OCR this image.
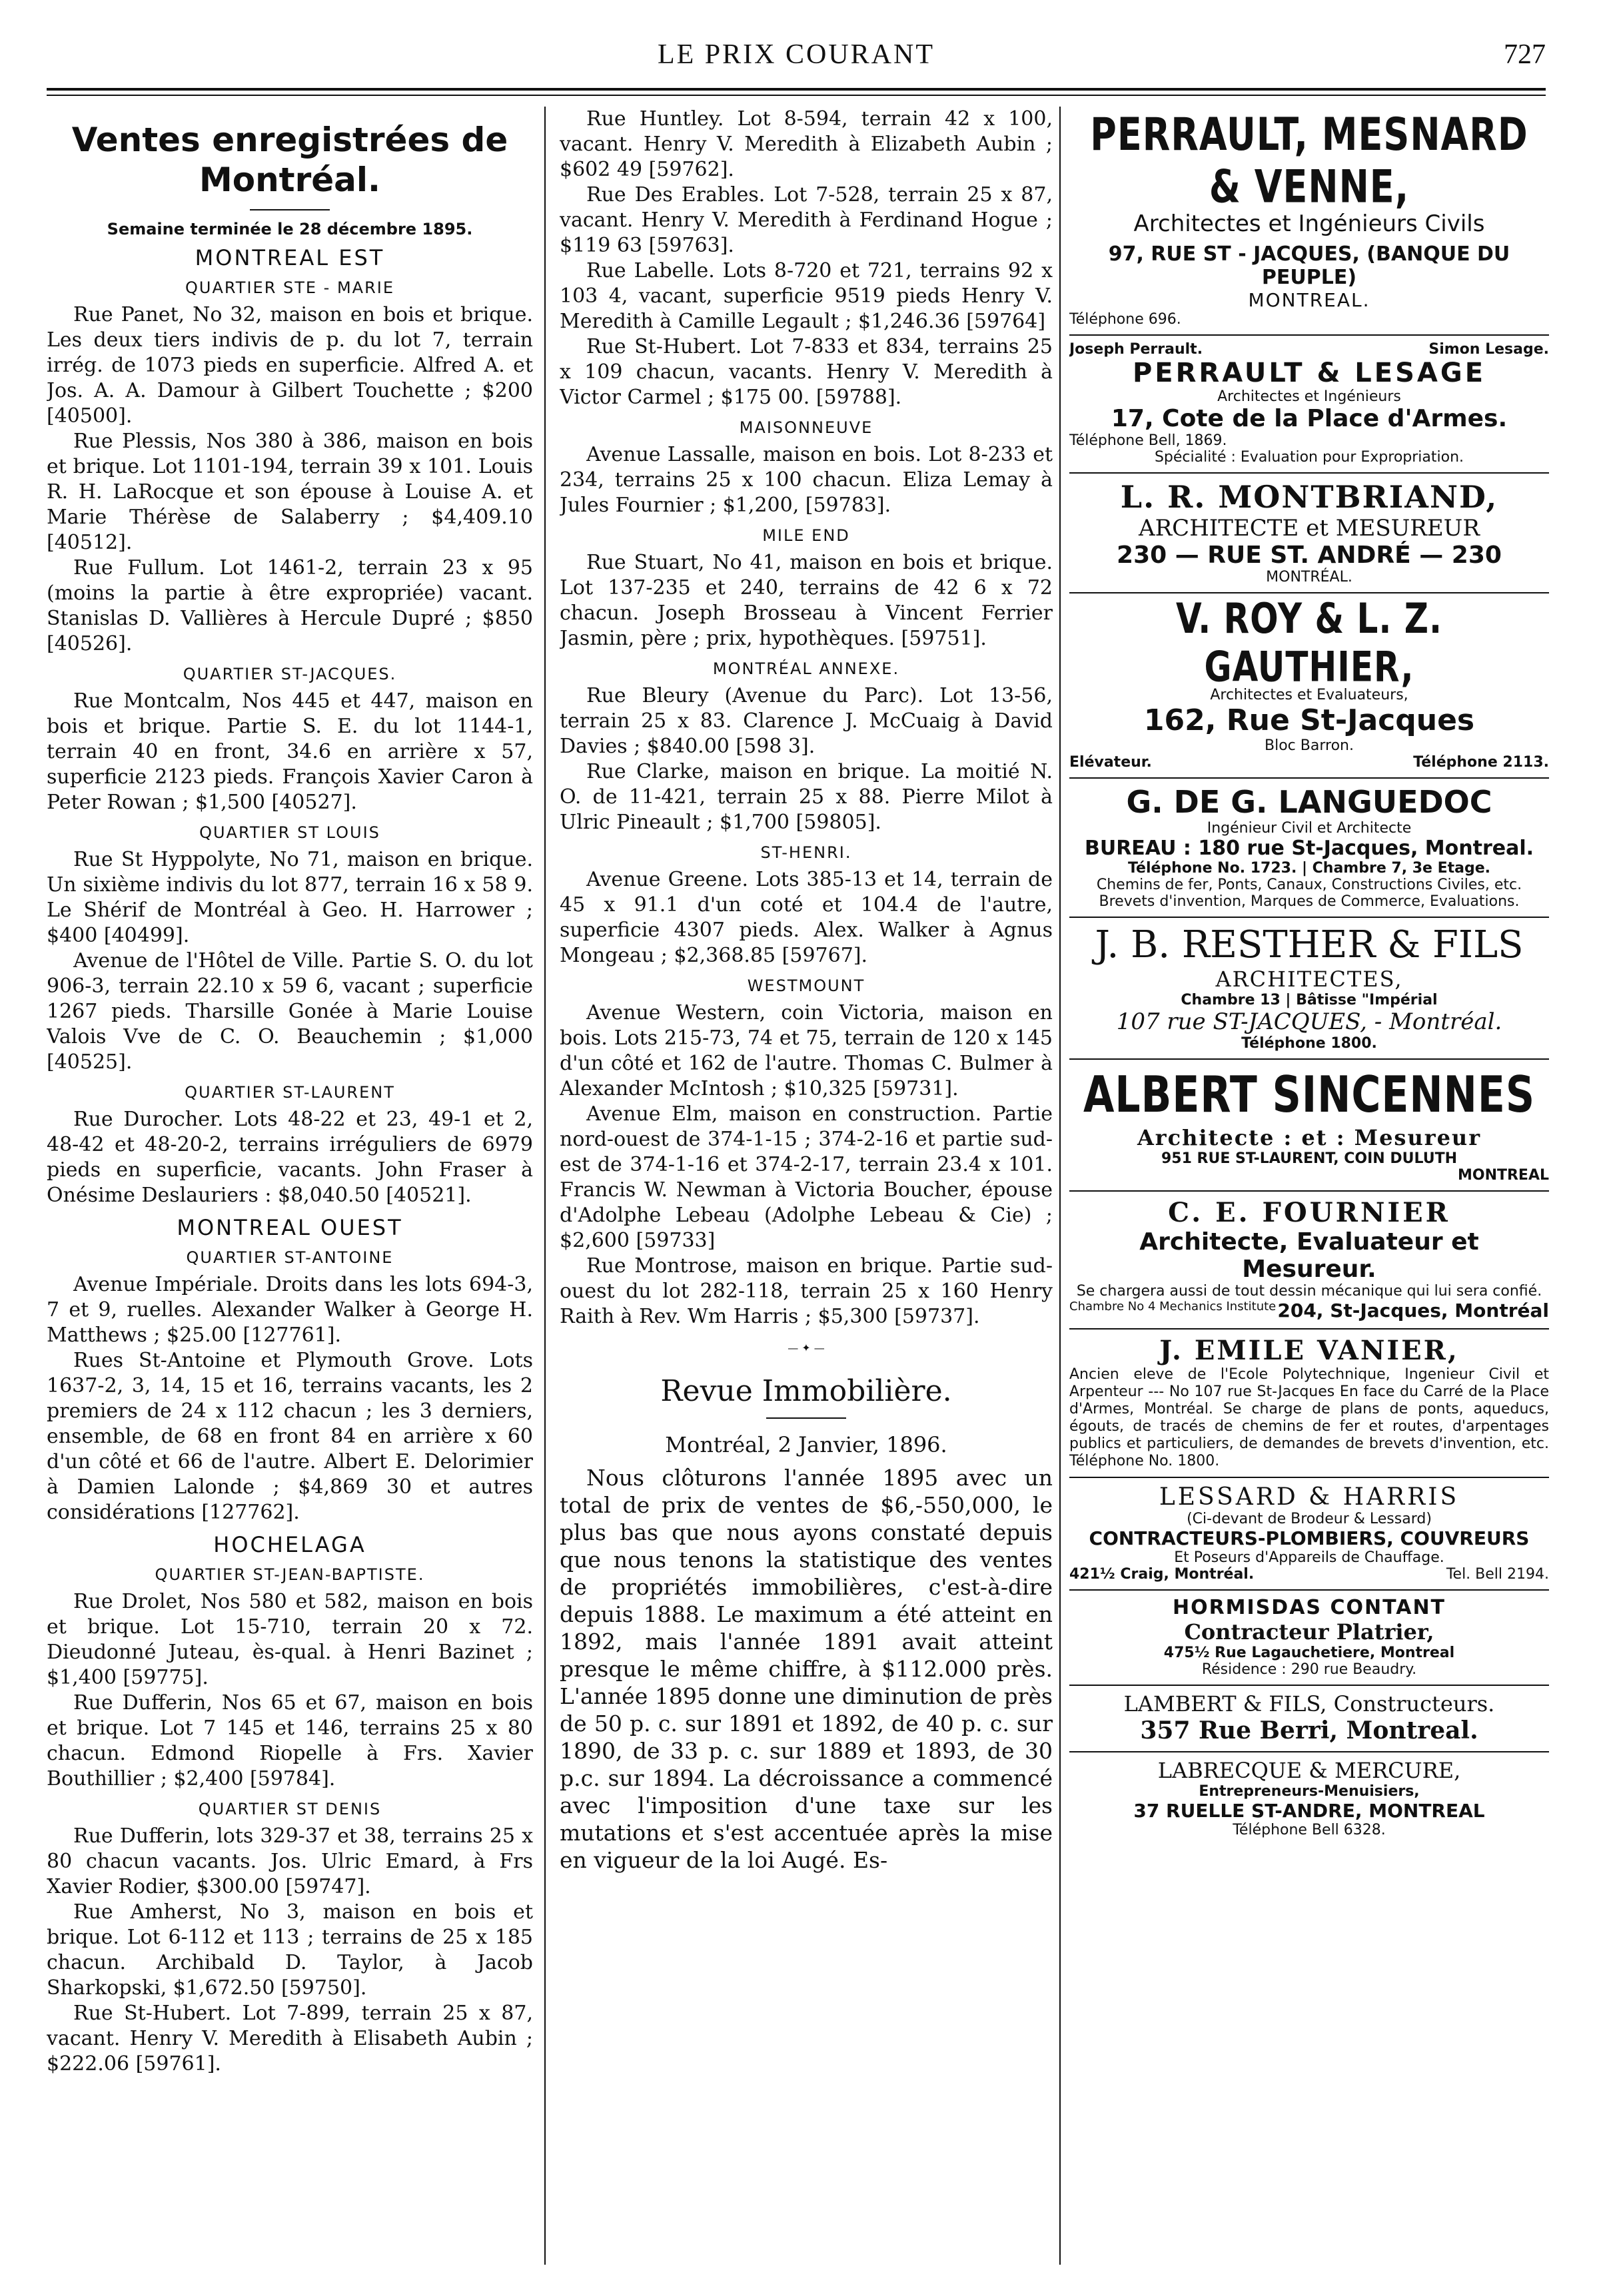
LE PRIX COURANT	727
Ventes enregistrées de Montréal.
Semaine terminée le 28 décembre 1895.
MONTREAL EST
QUARTIER STE - MARIE

Rue Panet, No 32, maison en bois et brique. Les deux tiers indivis de p. du lot 7, terrain irrég. de 1073 pieds en superficie. Alfred A. et Jos. A. A. Damour à Gilbert Touchette ; $200 [40500].

Rue Plessis, Nos 380 à 386, maison en bois et brique. Lot 1101-194, terrain 39 x 101. Louis R. H. LaRocque et son épouse à Louise A. et Marie Thérèse de Salaberry ; $4,409.10 [40512].

Rue Fullum. Lot 1461-2, terrain 23 x 95 (moins la partie à être expropriée) vacant. Stanislas D. Vallières à Hercule Dupré ; $850 [40526].

QUARTIER ST-JACQUES.

Rue Montcalm, Nos 445 et 447, maison en bois et brique. Partie S. E. du lot 1144-1, terrain 40 en front, 34.6 en arrière x 57, superficie 2123 pieds. François Xavier Caron à Peter Rowan ; $1,500 [40527].

QUARTIER ST LOUIS

Rue St Hyppolyte, No 71, maison en brique. Un sixième indivis du lot 877, terrain 16 x 58 9. Le Shérif de Montréal à Geo. H. Harrower ; $400 [40499].

Avenue de l'Hôtel de Ville. Partie S. O. du lot 906-3, terrain 22.10 x 59 6, vacant ; superficie 1267 pieds. Tharsille Gonée à Marie Louise Valois Vve de C. O. Beauchemin ; $1,000 [40525].

QUARTIER ST-LAURENT

Rue Durocher. Lots 48-22 et 23, 49-1 et 2, 48-42 et 48-20-2, terrains irréguliers de 6979 pieds en superficie, vacants. John Fraser à Onésime Deslauriers : $8,040.50 [40521].

MONTREAL OUEST
QUARTIER ST-ANTOINE

Avenue Impériale. Droits dans les lots 694-3, 7 et 9, ruelles. Alexander Walker à George H. Matthews ; $25.00 [127761].

Rues St-Antoine et Plymouth Grove. Lots 1637-2, 3, 14, 15 et 16, terrains vacants, les 2 premiers de 24 x 112 chacun ; les 3 derniers, ensemble, de 68 en front 84 en arrière x 60 d'un côté et 66 de l'autre. Albert E. Delorimier à Damien Lalonde ; $4,869 30 et autres considérations [127762].

HOCHELAGA
QUARTIER ST-JEAN-BAPTISTE.

Rue Drolet, Nos 580 et 582, maison en bois et brique. Lot 15-710, terrain 20 x 72. Dieudonné Juteau, ès-qual. à Henri Bazinet ; $1,400 [59775].

Rue Dufferin, Nos 65 et 67, maison en bois et brique. Lot 7 145 et 146, terrains 25 x 80 chacun. Edmond Riopelle à Frs. Xavier Bouthillier ; $2,400 [59784].

QUARTIER ST DENIS

Rue Dufferin, lots 329-37 et 38, terrains 25 x 80 chacun vacants. Jos. Ulric Emard, à Frs Xavier Rodier, $300.00 [59747].

Rue Amherst, No 3, maison en bois et brique. Lot 6-112 et 113 ; terrains de 25 x 185 chacun. Archibald D. Taylor, à Jacob Sharkopski, $1,672.50 [59750].

Rue St-Hubert. Lot 7-899, terrain 25 x 87, vacant. Henry V. Meredith à Elisabeth Aubin ; $222.06 [59761].

Rue Huntley. Lot 8-594, terrain 42 x 100, vacant. Henry V. Meredith à Elizabeth Aubin ; $602 49 [59762].

Rue Des Erables. Lot 7-528, terrain 25 x 87, vacant. Henry V. Meredith à Ferdinand Hogue ; $119 63 [59763].

Rue Labelle. Lots 8-720 et 721, terrains 92 x 103 4, vacant, superficie 9519 pieds Henry V. Meredith à Camille Legault ; $1,246.36 [59764]

Rue St-Hubert. Lot 7-833 et 834, terrains 25 x 109 chacun, vacants. Henry V. Meredith à Victor Carmel ; $175 00. [59788].

MAISONNEUVE

Avenue Lassalle, maison en bois. Lot 8-233 et 234, terrains 25 x 100 chacun. Eliza Lemay à Jules Fournier ; $1,200, [59783].

MILE END

Rue Stuart, No 41, maison en bois et brique. Lot 137-235 et 240, terrains de 42 6 x 72 chacun. Joseph Brosseau à Vincent Ferrier Jasmin, père ; prix, hypothèques. [59751].

MONTRÉAL ANNEXE.

Rue Bleury (Avenue du Parc). Lot 13-56, terrain 25 x 83. Clarence J. McCuaig à David Davies ; $840.00 [598 3].

Rue Clarke, maison en brique. La moitié N. O. de 11-421, terrain 25 x 88. Pierre Milot à Ulric Pineault ; $1,700 [59805].

ST-HENRI.

Avenue Greene. Lots 385-13 et 14, terrain de 45 x 91.1 d'un coté et 104.4 de l'autre, superficie 4307 pieds. Alex. Walker à Agnus Mongeau ; $2,368.85 [59767].

WESTMOUNT

Avenue Western, coin Victoria, maison en bois. Lots 215-73, 74 et 75, terrain de 120 x 145 d'un côté et 162 de l'autre. Thomas C. Bulmer à Alexander McIntosh ; $10,325 [59731].

Avenue Elm, maison en construction. Partie nord-ouest de 374-1-15 ; 374-2-16 et partie sud-est de 374-1-16 et 374-2-17, terrain 23.4 x 101. Francis W. Newman à Victoria Boucher, épouse d'Adolphe Lebeau (Adolphe Lebeau & Cie) ; $2,600 [59733]

Rue Montrose, maison en brique. Partie sud-ouest du lot 282-118, terrain 25 x 160 Henry Raith à Rev. Wm Harris ; $5,300 [59737].

— ✦ —
Revue Immobilière.
Montréal, 2 Janvier, 1896.

Nous clôturons l'année 1895 avec un total de prix de ventes de $6,-550,000, le plus bas que nous ayons constaté depuis que nous tenons la statistique des ventes de propriétés immobilières, c'est-à-dire depuis 1888. Le maximum a été atteint en 1892, mais l'année 1891 avait atteint presque le même chiffre, à $112.000 près. L'année 1895 donne une diminution de près de 50 p. c. sur 1891 et 1892, de 40 p. c. sur 1890, de 33 p. c. sur 1889 et 1893, de 30 p.c. sur 1894. La décroissance a commencé avec l'imposition d'une taxe sur les mutations et s'est accentuée après la mise en vigueur de la loi Augé. Es-

PERRAULT, MESNARD & VENNE,
Architectes et Ingénieurs Civils
97, RUE ST - JACQUES, (BANQUE DU PEUPLE)
MONTREAL.
Téléphone 696.
Joseph Perrault.	Simon Lesage.
PERRAULT & LESAGE
Architectes et Ingénieurs
17, Cote de la Place d'Armes.
Téléphone Bell, 1869.
Spécialité : Evaluation pour Expropriation.
L. R. MONTBRIAND,
ARCHITECTE et MESUREUR
230 — RUE ST. ANDRÉ — 230
MONTRÉAL.
V. ROY & L. Z. GAUTHIER,
Architectes et Evaluateurs,
162, Rue St-Jacques
Bloc Barron.
Elévateur.	Téléphone 2113.
G. DE G. LANGUEDOC
Ingénieur Civil et Architecte
BUREAU : 180 rue St-Jacques, Montreal.
Téléphone No. 1723. | Chambre 7, 3e Etage.
Chemins de fer, Ponts, Canaux, Constructions Civiles, etc. Brevets d'invention, Marques de Commerce, Evaluations.
J. B. RESTHER & FILS
ARCHITECTES,
Chambre 13 | Bâtisse "Impérial
107 rue ST-JACQUES, - Montréal.
Téléphone 1800.
ALBERT SINCENNES
Architecte : et : Mesureur
951 RUE ST-LAURENT, COIN DULUTH
MONTREAL
C. E. FOURNIER
Architecte, Evaluateur et Mesureur.
Se chargera aussi de tout dessin mécanique qui lui sera confié.
Chambre No 4 Mechanics Institute 204, St-Jacques, Montréal
J. EMILE VANIER,
Ancien eleve de l'Ecole Polytechnique, Ingenieur Civil et Arpenteur --- No 107 rue St-Jacques En face du Carré de la Place d'Armes, Montréal. Se charge de plans de ponts, aqueducs, égouts, de tracés de chemins de fer et routes, d'arpentages publics et particuliers, de demandes de brevets d'invention, etc. Téléphone No. 1800.
LESSARD & HARRIS
(Ci-devant de Brodeur & Lessard)
CONTRACTEURS-PLOMBIERS, COUVREURS
Et Poseurs d'Appareils de Chauffage.
421½ Craig, Montréal.	Tel. Bell 2194.
HORMISDAS CONTANT
Contracteur Platrier,
475½ Rue Lagauchetiere, Montreal
Résidence : 290 rue Beaudry.
LAMBERT & FILS, Constructeurs.
357 Rue Berri, Montreal.
LABRECQUE & MERCURE,
Entrepreneurs-Menuisiers,
37 RUELLE ST-ANDRE, MONTREAL
Téléphone Bell 6328.
